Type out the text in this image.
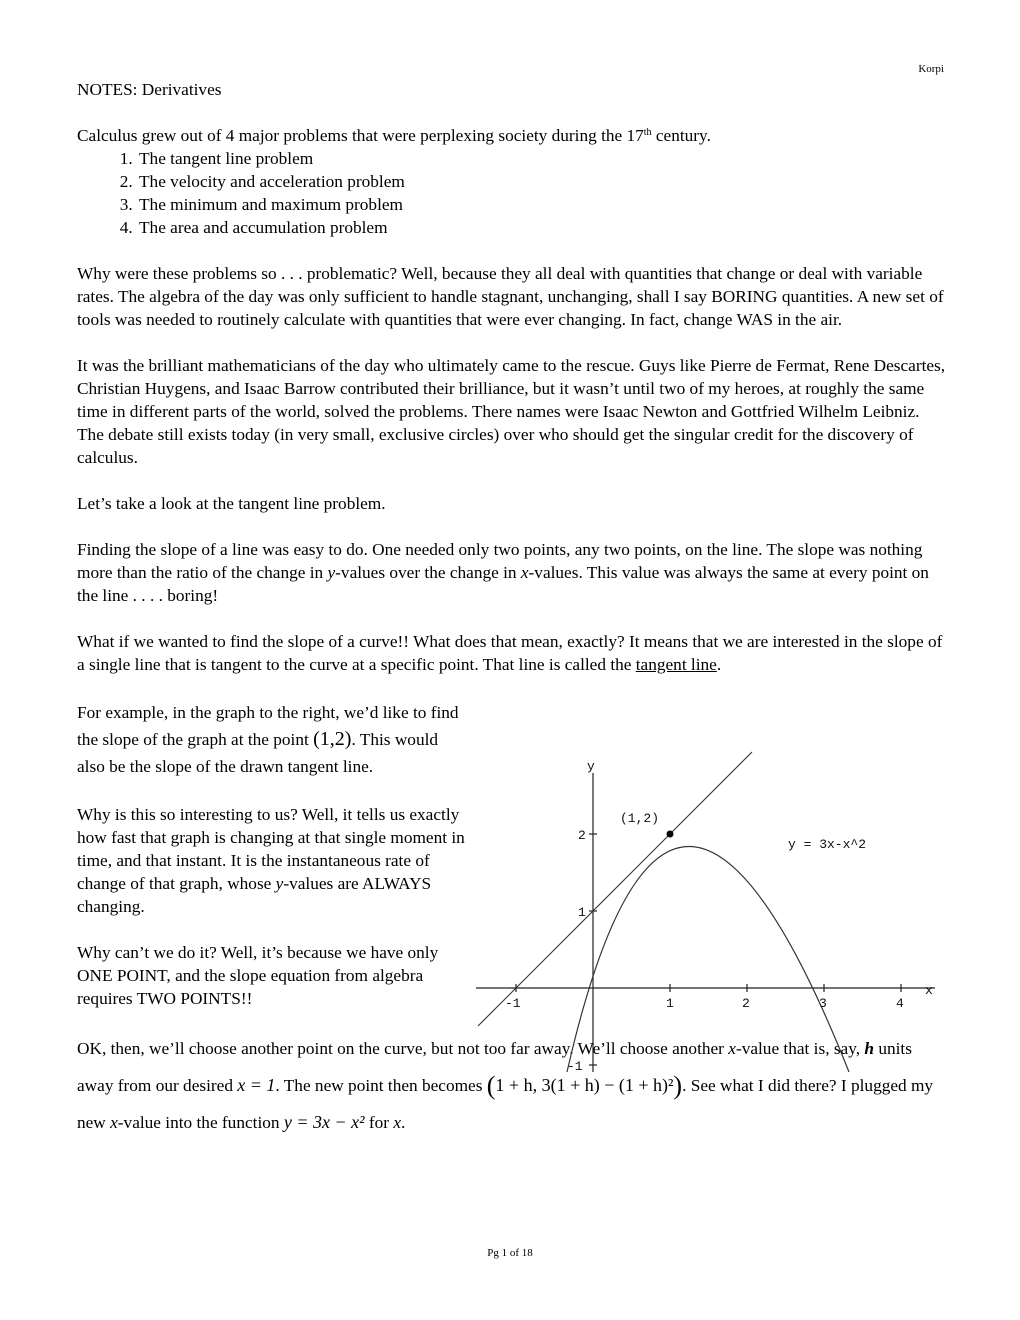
Korpi
NOTES: Derivatives
Calculus grew out of 4 major problems that were perplexing society during the 17th century.
1. The tangent line problem
2. The velocity and acceleration problem
3. The minimum and maximum problem
4. The area and accumulation problem

Why were these problems so . . . problematic? Well, because they all deal with quantities that change or deal with variable rates. The algebra of the day was only sufficient to handle stagnant, unchanging, shall I say BORING quantities. A new set of tools was needed to routinely calculate with quantities that were ever changing. In fact, change WAS in the air.

It was the brilliant mathematicians of the day who ultimately came to the rescue. Guys like Pierre de Fermat, Rene Descartes, Christian Huygens, and Isaac Barrow contributed their brilliance, but it wasn’t until two of my heroes, at roughly the same time in different parts of the world, solved the problems. There names were Isaac Newton and Gottfried Wilhelm Leibniz. The debate still exists today (in very small, exclusive circles) over who should get the singular credit for the discovery of calculus.

Let’s take a look at the tangent line problem.

Finding the slope of a line was easy to do. One needed only two points, any two points, on the line. The slope was nothing more than the ratio of the change in y-values over the change in x-values. This value was always the same at every point on the line . . . . boring!

What if we wanted to find the slope of a curve!! What does that mean, exactly? It means that we are interested in the slope of a single line that is tangent to the curve at a specific point. That line is called the tangent line.

For example, in the graph to the right, we’d like to find the slope of the graph at the point (1,2). This would also be the slope of the drawn tangent line.

Why is this so interesting to us? Well, it tells us exactly how fast that graph is changing at that single moment in time, and that instant. It is the instantaneous rate of change of that graph, whose y-values are ALWAYS changing.

Why can’t we do it? Well, it’s because we have only ONE POINT, and the slope equation from algebra requires TWO POINTS!!

OK, then, we’ll choose another point on the curve, but not too far away. We’ll choose another x-value that is, say, h units away from our desired x = 1. The new point then becomes (1 + h, 3(1 + h) − (1 + h)²). See what I did there? I plugged my new x-value into the function y = 3x − x² for x.

y
x
(1,2)
y = 3x-x^2
-1	1	2	3	4
2
1
-1
Pg 1 of 18
